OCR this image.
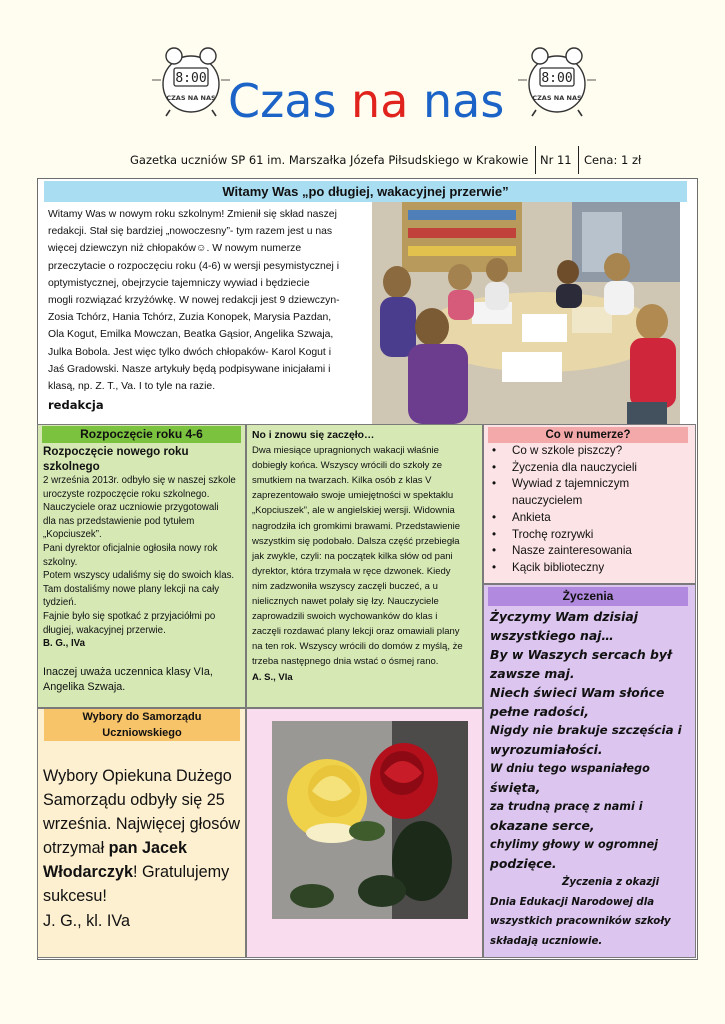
8:00
CZAS NA NAS
8:00
CZAS NA NAS
Czas na nas
Gazetka uczniów SP 61 im. Marszałka Józefa Piłsudskiego w Krakowie Nr 11 Cena: 1 zł
Witamy Was „po długiej, wakacyjnej przerwie”
Witamy Was w nowym roku szkolnym! Zmienił się skład naszej
redakcji. Stał się bardziej „nowoczesny”- tym razem jest u nas
więcej dziewczyn niż chłopaków☺. W nowym numerze
przeczytacie o rozpoczęciu roku (4-6) w wersji pesymistycznej i
optymistycznej, obejrzycie tajemniczy wywiad i będziecie
mogli rozwiązać krzyżówkę. W nowej redakcji jest 9 dziewczyn-
Zosia Tchórz, Hania Tchórz, Zuzia Konopek, Marysia Pazdan,
Ola Kogut, Emilka Mowczan, Beatka Gąsior, Angelika Szwaja,
Julka Bobola. Jest więc tylko dwóch chłopaków- Karol Kogut i
Jaś Gradowski. Nasze artykuły będą podpisywane inicjałami i
klasą, np. Z. T., Va. I to tyle na razie.
redakcja
Rozpoczęcie roku 4-6
Rozpoczęcie nowego roku szkolnego
2 września 2013r. odbyło się w naszej szkole
uroczyste rozpoczęcie roku szkolnego.
Nauczyciele oraz uczniowie przygotowali
dla nas przedstawienie pod tytułem
„Kopciuszek”.
Pani dyrektor oficjalnie ogłosiła nowy rok
szkolny.
Potem wszyscy udaliśmy się do swoich klas.
Tam dostaliśmy nowe plany lekcji na cały
tydzień.
Fajnie było się spotkać z przyjaciółmi po
długiej, wakacyjnej przerwie.
B. G., IVa
Inaczej uważa uczennica klasy VIa, Angelika Szwaja.
No i znowu się zaczęło…
Dwa miesiące upragnionych wakacji właśnie
dobiegły końca. Wszyscy wrócili do szkoły ze
smutkiem na twarzach. Kilka osób z klas V
zaprezentowało swoje umiejętności w spektaklu
„Kopciuszek”, ale w angielskiej wersji. Widownia
nagrodziła ich gromkimi brawami. Przedstawienie
wszystkim się podobało. Dalsza część przebiegła
jak zwykle, czyli: na początek kilka słów od pani
dyrektor, która trzymała w ręce dzwonek. Kiedy
nim zadzwoniła wszyscy zaczęli buczeć, a u
nielicznych nawet polały się łzy. Nauczyciele
zaprowadzili swoich wychowanków do klas i
zaczęli rozdawać plany lekcji oraz omawiali plany
na ten rok. Wszyscy wrócili do domów z myślą, że
trzeba następnego dnia wstać o ósmej rano.
A. S., VIa
Co w numerze?
• Co w szkole piszczy?
• Życzenia dla nauczycieli
• Wywiad z tajemniczym
nauczycielem
• Ankieta
• Trochę rozrywki
• Nasze zainteresowania
• Kącik biblioteczny
Życzenia

Życzymy Wam dzisiaj

wszystkiego naj…

By w Waszych sercach był

zawsze maj.

Niech świeci Wam słońce

pełne radości,

Nigdy nie brakuje szczęścia i

wyrozumiałości.

W dniu tego wspaniałego

święta,

za trudną pracę z nami i

okazane serce,

chylimy głowy w ogromnej

podzięce.

Życzenia z okazji

Dnia Edukacji Narodowej dla

wszystkich pracowników szkoły

składają uczniowie.

Wybory do Samorządu Uczniowskiego
Wybory Opiekuna Dużego Samorządu odbyły się 25 września. Najwięcej głosów otrzymał pan Jacek Włodarczyk! Gratulujemy sukcesu!
J. G., kl. IVa
